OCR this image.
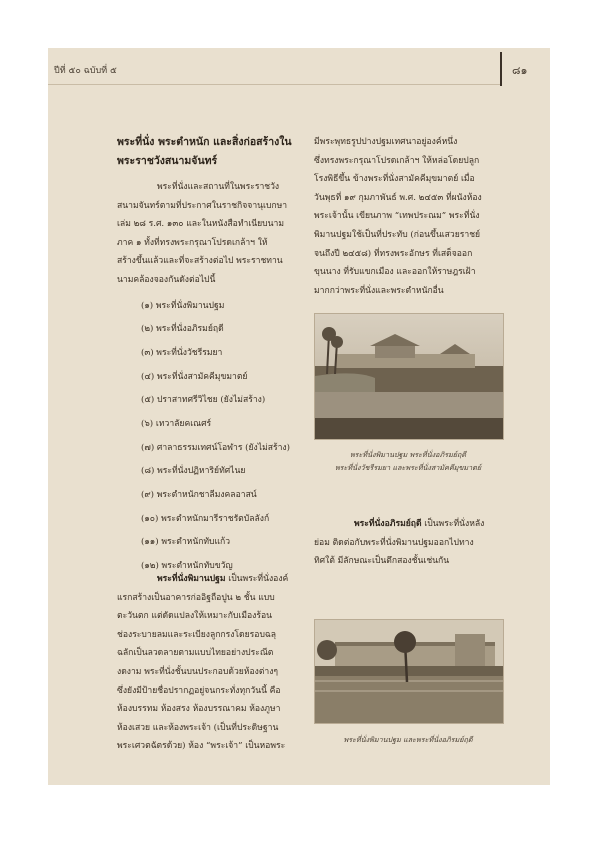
ปีที่ ๕๐ ฉบับที่ ๕	๘๑
พระที่นั่ง พระตำหนัก และสิ่งก่อสร้างใน
พระราชวังสนามจันทร์
พระที่นั่งและสถานที่ในพระราชวัง
สนามจันทร์ตามที่ประกาศในราชกิจจานุเบกษา
เล่ม ๒๘ ร.ศ. ๑๓๐ และในหนังสือทำเนียบนาม
ภาค ๑ ทั้งที่ทรงพระกรุณาโปรดเกล้าฯ ให้
สร้างขึ้นแล้วและที่จะสร้างต่อไป พระราชทาน
นามคล้องจองกันดังต่อไปนี้
(๑) พระที่นั่งพิมานปฐม
(๒) พระที่นั่งอภิรมย์ฤดี
(๓) พระที่นั่งวัชรีรมยา
(๔) พระที่นั่งสามัคคีมุขมาตย์
(๕) ปราสาทศรีวิไชย (ยังไม่สร้าง)
(๖) เทวาลัยคเณศร์
(๗) ศาลาธรรมเทศน์โอฬาร (ยังไม่สร้าง)
(๘) พระที่นั่งปฏิหาริย์ทัศไนย
(๙) พระตำหนักชาลีมงคลอาสน์
(๑๐) พระตำหนักมารีราชรัตบัลลังก์
(๑๑) พระตำหนักทับแก้ว
(๑๒) พระตำหนักทับขวัญ
พระที่นั่งพิมานปฐม เป็นพระที่นั่งองค์
แรกสร้างเป็นอาคารก่ออิฐถือปูน ๒ ชั้น แบบ
ตะวันตก แต่ดัดแปลงให้เหมาะกับเมืองร้อน
ช่องระบายลมและระเบียงลูกกรงโดยรอบฉลุ
ฉลักเป็นลวดลายตามแบบไทยอย่างประณีต
งดงาม พระที่นั่งชั้นบนประกอบด้วยห้องต่างๆ
ซึ่งยังมีป้ายชื่อปรากฏอยู่จนกระทั่งทุกวันนี้ คือ
ห้องบรรทม ห้องสรง ห้องบรรณาคม ห้องภูษา
ห้องเสวย และห้องพระเจ้า (เป็นที่ประดิษฐาน
พระเศวตฉัตรด้วย) ห้อง “พระเจ้า” เป็นหอพระ
มีพระพุทธรูปปางปฐมเทศนาอยู่องค์หนึ่ง
ซึ่งทรงพระกรุณาโปรดเกล้าฯ ให้หล่อโดยปลูก
โรงพิธีขึ้น ข้างพระที่นั่งสามัคคีมุขมาตย์ เมื่อ
วันพุธที่ ๑๙ กุมภาพันธ์ พ.ศ. ๒๔๕๓ ที่ผนังห้อง
พระเจ้านั้น เขียนภาพ “เทพประณม” พระที่นั่ง
พิมานปฐมใช้เป็นที่ประทับ (ก่อนขึ้นเสวยราชย์
จนถึงปี ๒๔๕๘) ที่ทรงพระอักษร ที่เสด็จออก
ขุนนาง ที่รับแขกเมือง และออกให้ราษฎรเฝ้า
มากกว่าพระที่นั่งและพระตำหนักอื่น
พระที่นั่งพิมานปฐม พระที่นั่งอภิรมย์ฤดี
พระที่นั่งวัชรีรมยา และพระที่นั่งสามัคคีมุขมาตย์
พระที่นั่งอภิรมย์ฤดี เป็นพระที่นั่งหลัง
ย่อม ติดต่อกับพระที่นั่งพิมานปฐมออกไปทาง
ทิศใต้ มีลักษณะเป็นตึกสองชั้นเช่นกัน
พระที่นั่งพิมานปฐม และพระที่นั่งอภิรมย์ฤดี
